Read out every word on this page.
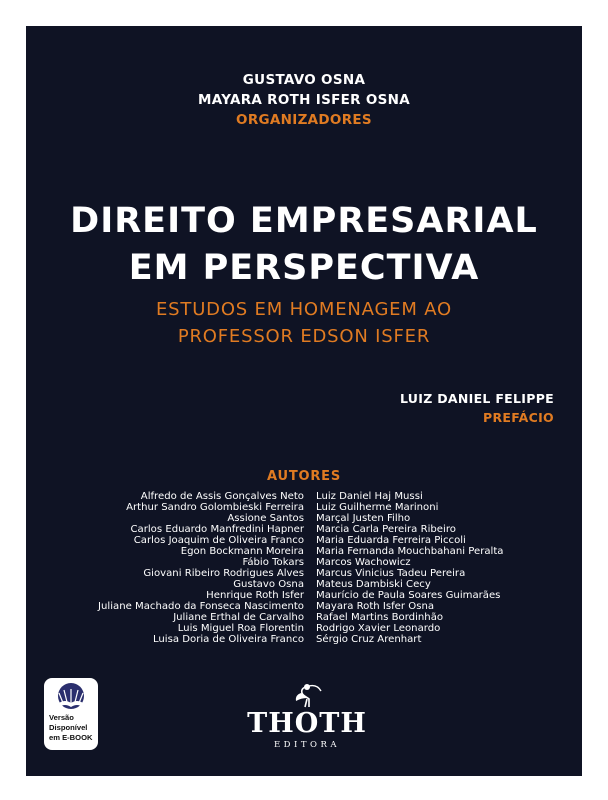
GUSTAVO OSNA
MAYARA ROTH ISFER OSNA
ORGANIZADORES
DIREITO EMPRESARIAL
EM PERSPECTIVA
ESTUDOS EM HOMENAGEM AO
PROFESSOR EDSON ISFER
LUIZ DANIEL FELIPPE
PREFÁCIO
AUTORES
Alfredo de Assis Gonçalves Neto
Arthur Sandro Golombieski Ferreira
Assione Santos
Carlos Eduardo Manfredini Hapner
Carlos Joaquim de Oliveira Franco
Egon Bockmann Moreira
Fábio Tokars
Giovani Ribeiro Rodrigues Alves
Gustavo Osna
Henrique Roth Isfer
Juliane Machado da Fonseca Nascimento
Juliane Erthal de Carvalho
Luis Miguel Roa Florentin
Luisa Doria de Oliveira Franco
Luiz Daniel Haj Mussi
Luiz Guilherme Marinoni
Marçal Justen Filho
Marcia Carla Pereira Ribeiro
Maria Eduarda Ferreira Piccoli
Maria Fernanda Mouchbahani Peralta
Marcos Wachowicz
Marcus Vinicius Tadeu Pereira
Mateus Dambiski Cecy
Maurício de Paula Soares Guimarães
Mayara Roth Isfer Osna
Rafael Martins Bordinhão
Rodrigo Xavier Leonardo
Sérgio Cruz Arenhart
Versão
Disponível
em E-BOOK	THOTH
EDITORA
